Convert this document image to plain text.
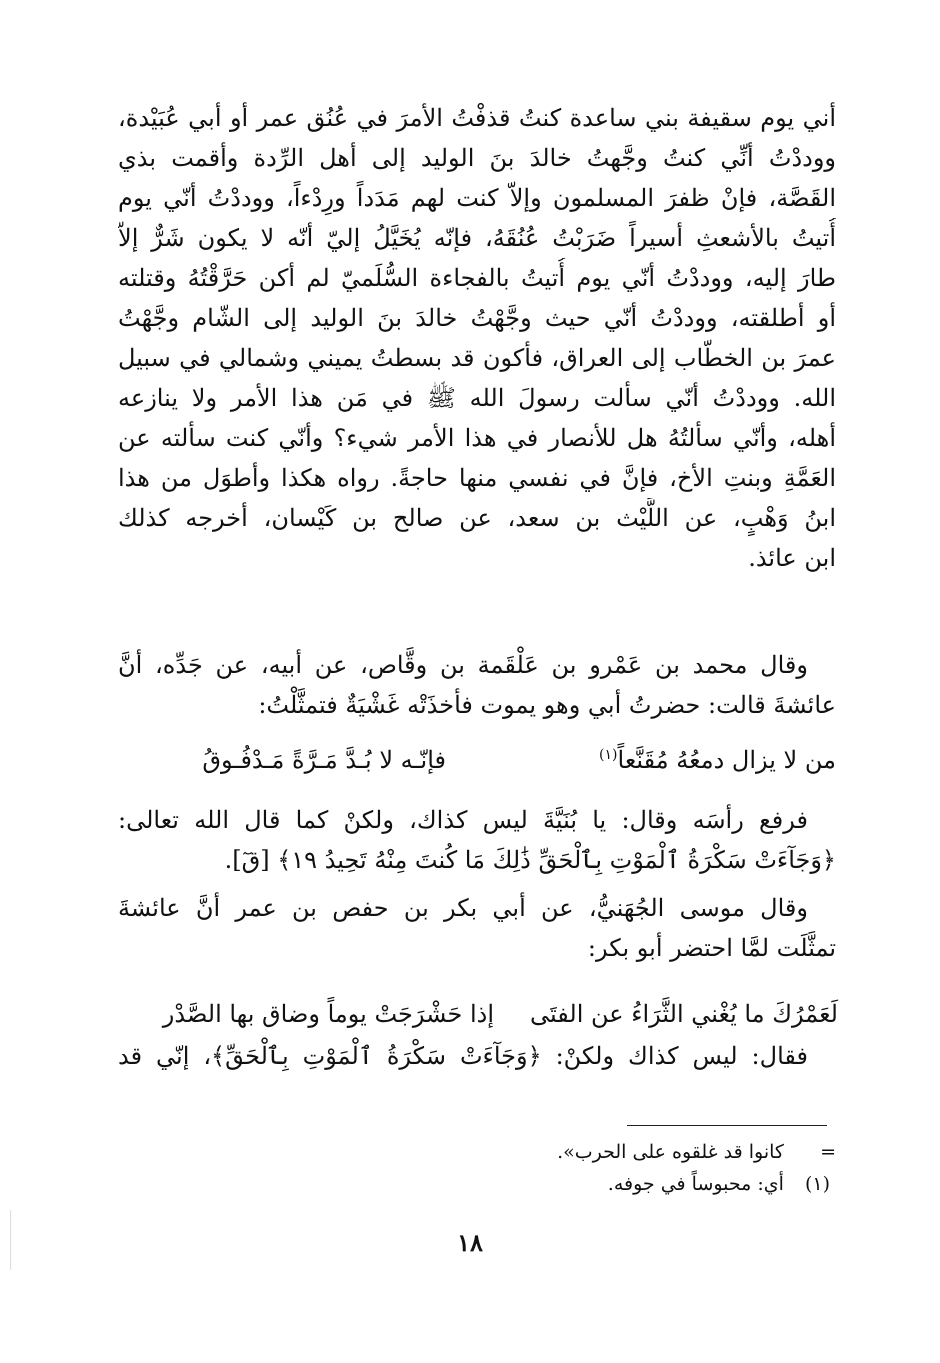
أني يوم سقيفة بني ساعدة كنتُ قذفْتُ الأمرَ في عُنُق عمر أو أبي عُبَيْدة،
ووددْتُ أنِّي كنتُ وجَّهتُ خالدَ بنَ الوليد إلى أهل الرِّدة وأقمت بذي
القَصَّة، فإنْ ظفرَ المسلمون وإلاّ كنت لهم مَدَداً ورِدْءاً، ووددْتُ أنّي يوم
أُتيتُ بالأشعثِ أسيراً ضَرَبْتُ عُنُقَهُ، فإنّه يُخَيَّلُ إليّ أنّه لا يكون شَرٌّ إلاّ
طارَ إليه، ووددْتُ أنّي يوم أُتيتُ بالفجاءة السُّلَميّ لم أكن حَرَّقْتُهُ وقتلته
أو أطلقته، ووددْتُ أنّي حيث وجَّهْتُ خالدَ بنَ الوليد إلى الشّام وجَّهْتُ
عمرَ بن الخطّاب إلى العراق، فأكون قد بسطتُ يميني وشمالي في سبيل
الله. ووددْتُ أنّي سألت رسولَ الله ﷺ في مَن هذا الأمر ولا ينازعه
أهله، وأنّي سألتُهُ هل للأنصار في هذا الأمر شيء؟ وأنّي كنت سألته عن
العَمَّةِ وبنتِ الأخ، فإنَّ في نفسي منها حاجةً. رواه هكذا وأطوَل من هذا
ابنُ وَهْبٍ، عن اللَّيْث بن سعد، عن صالح بن كَيْسان، أخرجه كذلك
ابن عائذ.
وقال محمد بن عَمْرو بن عَلْقَمة بن وقَّاص، عن أبيه، عن جَدِّه، أنَّ
عائشةَ قالت: حضرتُ أبي وهو يموت فأخذَتْه غَشْيَةٌ فتمثَّلْتُ:
من لا يزال دمعُهُ مُقَنَّعاً$^{(١)}$
فإنّـه لا بُـدَّ مَـرَّةً مَـدْفُـوقُ
فرفع رأسَه وقال: يا بُنَيَّةَ ليس كذاك، ولكنْ كما قال الله تعالى:
﴿وَجَآءَتْ سَكْرَةُ ٱلْمَوْتِ بِٱلْحَقِّ ذَٰلِكَ مَا كُنتَ مِنْهُ تَحِيدُ ١٩﴾ [قٓ].
وقال موسى الجُهَنيُّ، عن أبي بكر بن حفص بن عمر أنَّ عائشةَ
تمثَّلَت لمَّا احتضر أبو بكر:
لَعَمْرُكَ ما يُغْني الثَّرَاءُ عن الفتَى
إذا حَشْرَجَتْ يوماً وضاق بها الصَّدْر
فقال: ليس كذاك ولكنْ: ﴿وَجَآءَتْ سَكْرَةُ ٱلْمَوْتِ بِٱلْحَقِّ﴾، إنّي قد
= كانوا قد غلقوه على الحرب».
(١) أي: محبوساً في جوفه.
١٨
